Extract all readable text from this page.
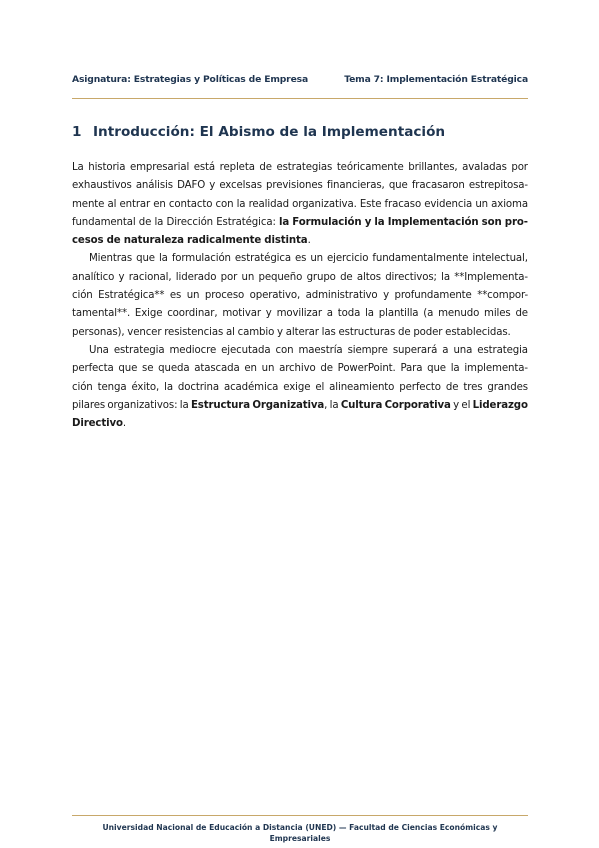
Asignatura: Estrategias y Políticas de Empresa	Tema 7: Implementación Estratégica
1 Introducción: El Abismo de la Implementación
La historia empresarial está repleta de estrategias teóricamente brillantes, avaladas por
exhaustivos análisis DAFO y excelsas previsiones financieras, que fracasaron estrepitosa-
mente al entrar en contacto con la realidad organizativa. Este fracaso evidencia un axioma
fundamental de la Dirección Estratégica: la Formulación y la Implementación son pro-
cesos de naturaleza radicalmente distinta .
Mientras que la formulación estratégica es un ejercicio fundamentalmente intelectual,
analítico y racional, liderado por un pequeño grupo de altos directivos; la **Implementa-
ción Estratégica** es un proceso operativo, administrativo y profundamente **compor-
tamental**. Exige coordinar, motivar y movilizar a toda la plantilla (a menudo miles de
personas), vencer resistencias al cambio y alterar las estructuras de poder establecidas.
Una estrategia mediocre ejecutada con maestría siempre superará a una estrategia
perfecta que se queda atascada en un archivo de PowerPoint. Para que la implementa-
ción tenga éxito, la doctrina académica exige el alineamiento perfecto de tres grandes
pilares organizativos: la Estructura Organizativa, la Cultura Corporativa y el Liderazgo
Directivo .
Universidad Nacional de Educación a Distancia (UNED) — Facultad de Ciencias Económicas y
Empresariales
